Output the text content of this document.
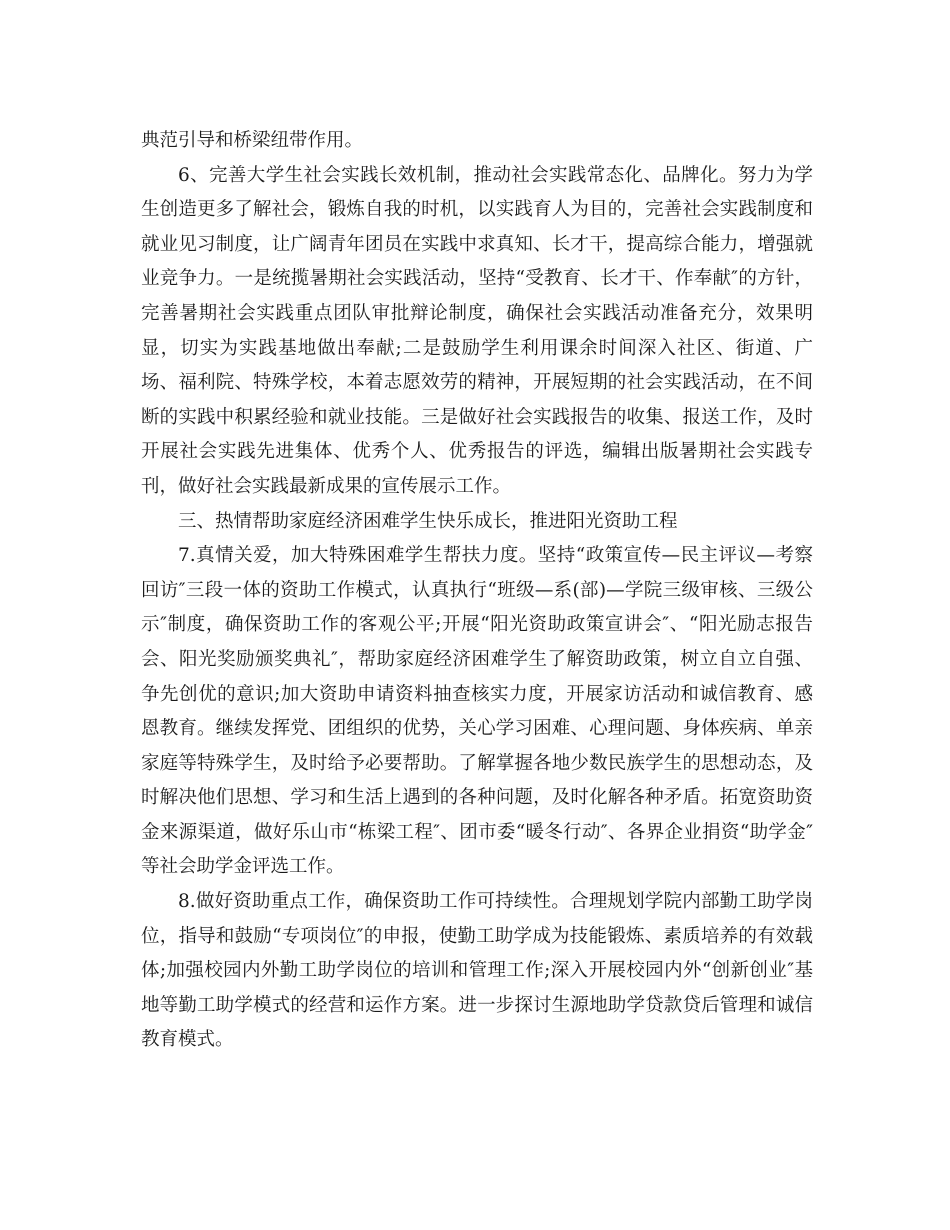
典范引导和桥梁纽带作用。

6、完善大学生社会实践长效机制，推动社会实践常态化、品牌化。努力为学生创造更多了解社会，锻炼自我的时机，以实践育人为目的，完善社会实践制度和就业见习制度，让广阔青年团员在实践中求真知、长才干，提高综合能力，增强就业竞争力。一是统揽暑期社会实践活动，坚持“受教育、长才干、作奉献″的方针，完善暑期社会实践重点团队审批辩论制度，确保社会实践活动准备充分，效果明显，切实为实践基地做出奉献;二是鼓励学生利用课余时间深入社区、街道、广场、福利院、特殊学校，本着志愿效劳的精神，开展短期的社会实践活动，在不间断的实践中积累经验和就业技能。三是做好社会实践报告的收集、报送工作，及时开展社会实践先进集体、优秀个人、优秀报告的评选，编辑出版暑期社会实践专刊，做好社会实践最新成果的宣传展示工作。

三、热情帮助家庭经济困难学生快乐成长，推进阳光资助工程

7.真情关爱，加大特殊困难学生帮扶力度。坚持“政策宣传—民主评议—考察回访″三段一体的资助工作模式，认真执行“班级—系(部)—学院三级审核、三级公示″制度，确保资助工作的客观公平;开展“阳光资助政策宣讲会″、“阳光励志报告会、阳光奖励颁奖典礼″，帮助家庭经济困难学生了解资助政策，树立自立自强、争先创优的意识;加大资助申请资料抽查核实力度，开展家访活动和诚信教育、感恩教育。继续发挥党、团组织的优势，关心学习困难、心理问题、身体疾病、单亲家庭等特殊学生，及时给予必要帮助。了解掌握各地少数民族学生的思想动态，及时解决他们思想、学习和生活上遇到的各种问题，及时化解各种矛盾。拓宽资助资金来源渠道，做好乐山市“栋梁工程″、团市委“暖冬行动″、各界企业捐资“助学金″等社会助学金评选工作。

8.做好资助重点工作，确保资助工作可持续性。合理规划学院内部勤工助学岗位，指导和鼓励“专项岗位″的申报，使勤工助学成为技能锻炼、素质培养的有效载体;加强校园内外勤工助学岗位的培训和管理工作;深入开展校园内外“创新创业″基地等勤工助学模式的经营和运作方案。进一步探讨生源地助学贷款贷后管理和诚信教育模式。
